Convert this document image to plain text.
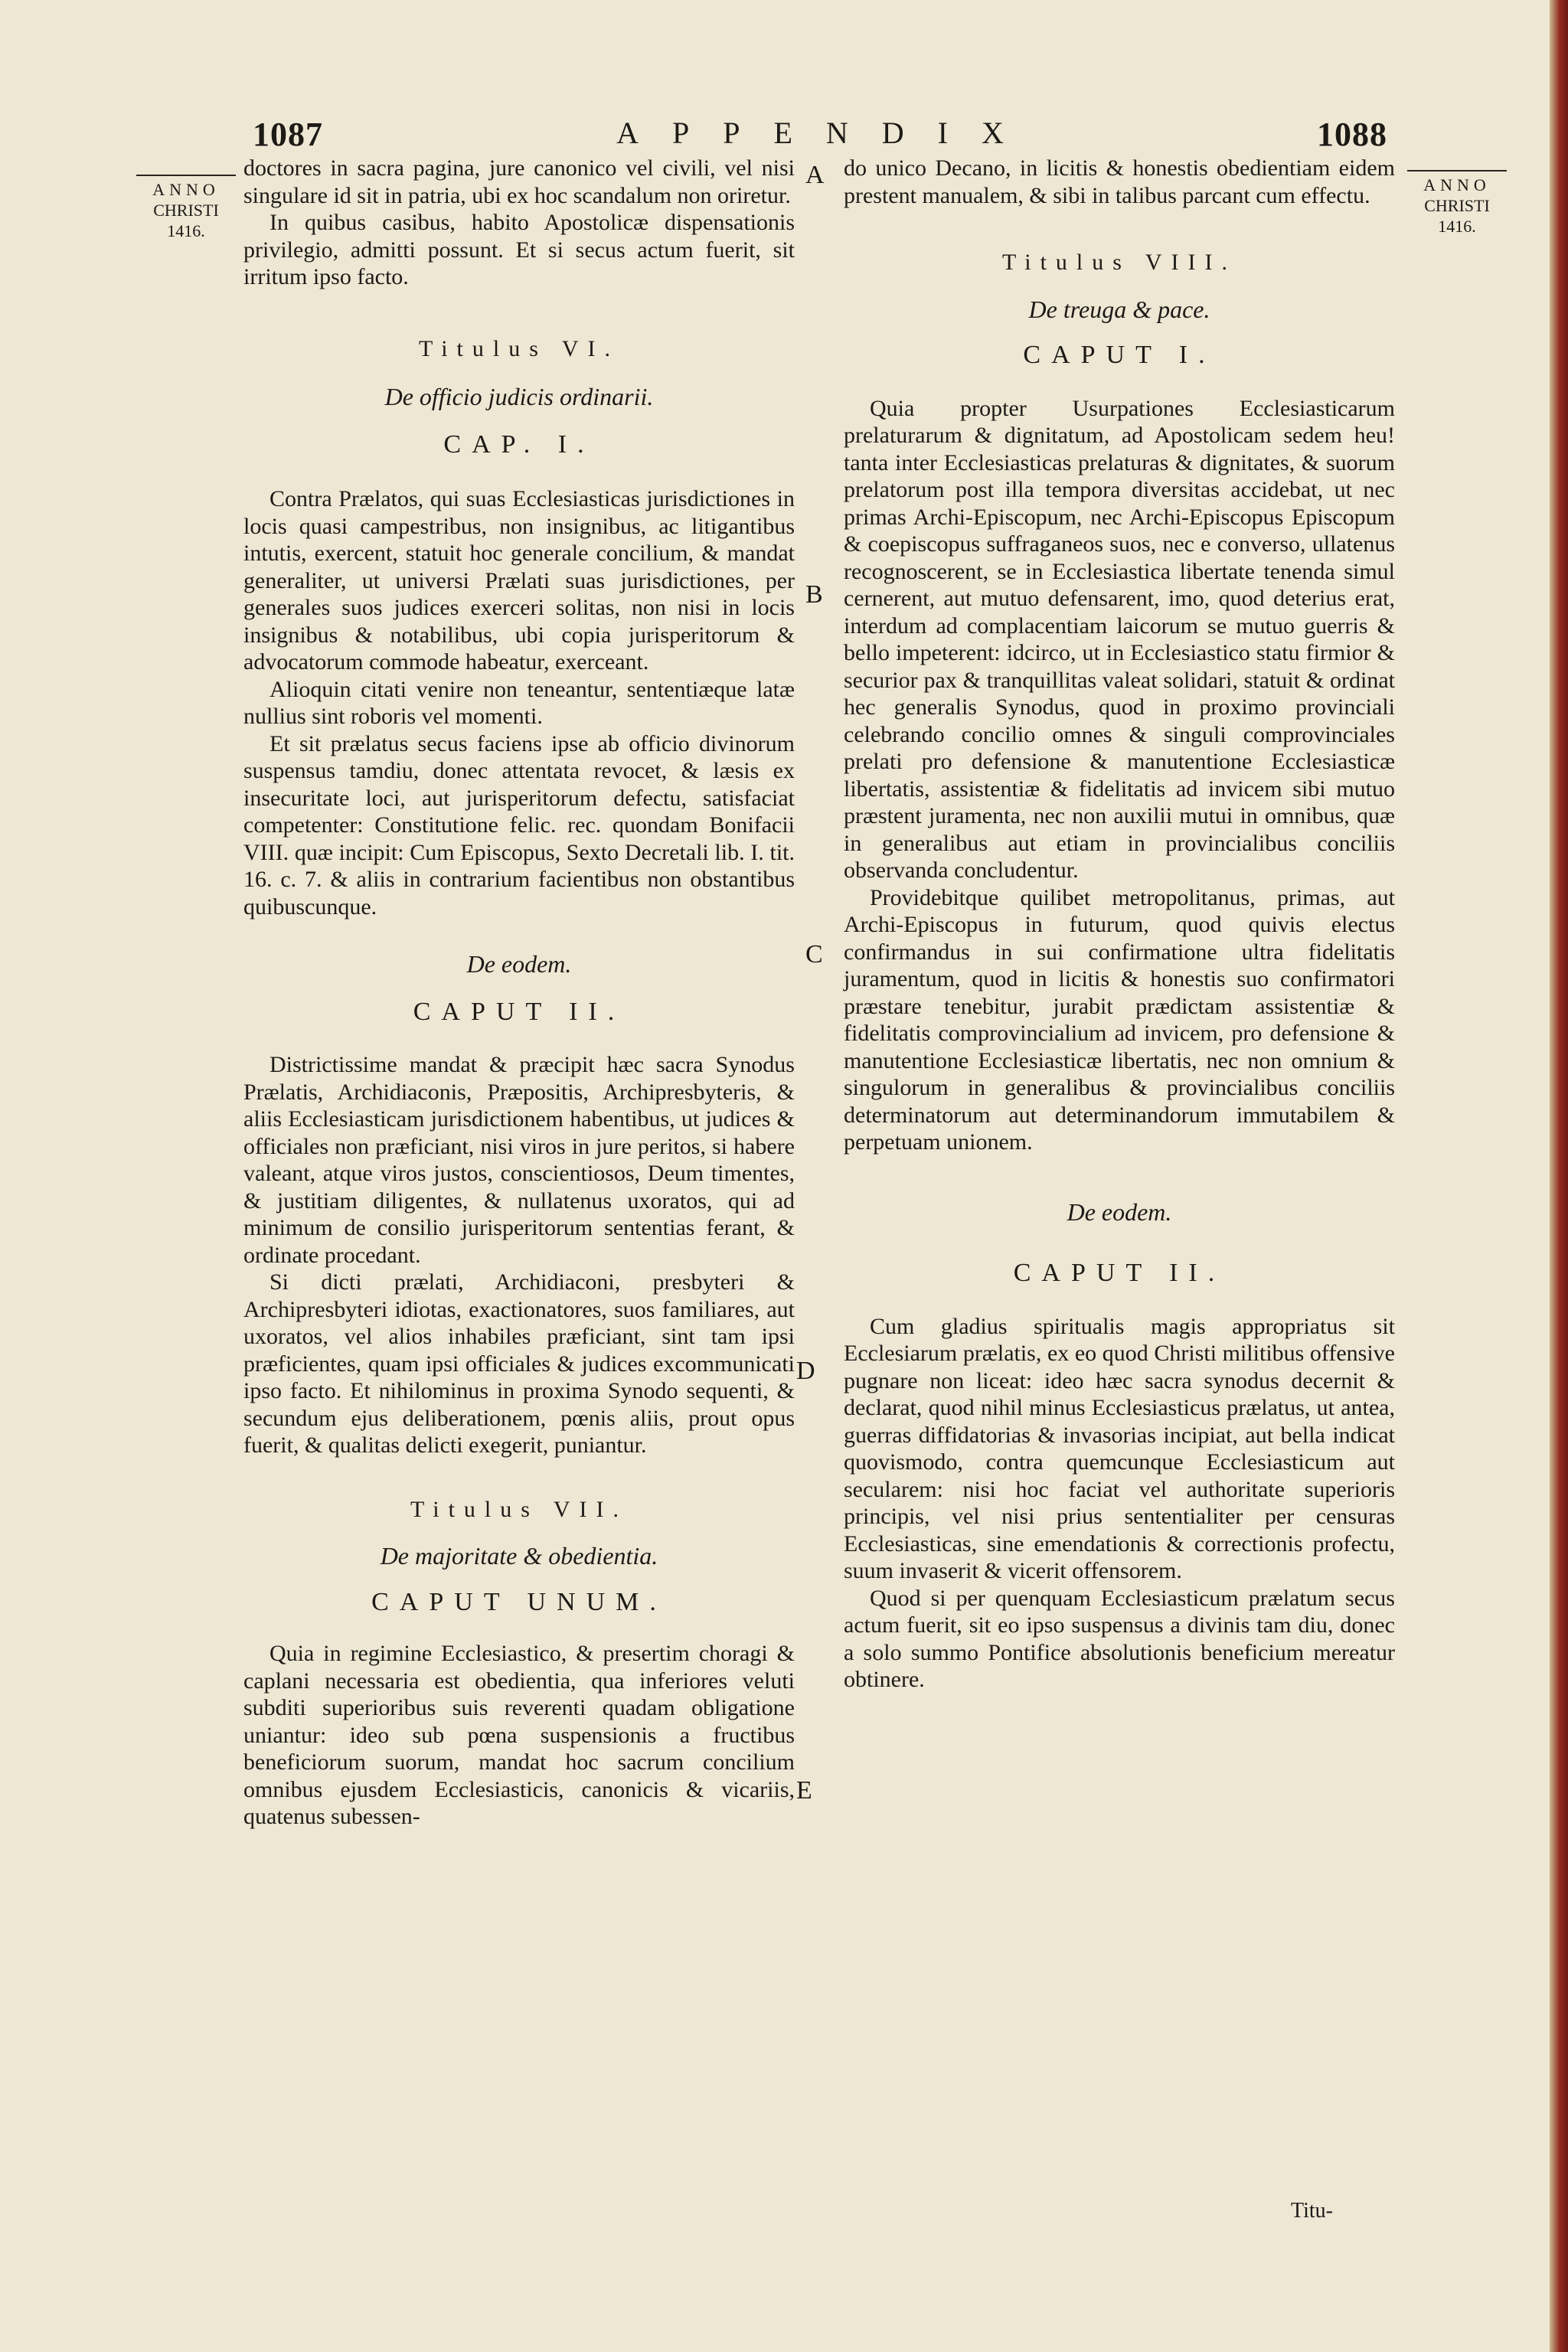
1087	APPENDIX	1088
ANNO
CHRISTI
1416.
ANNO
CHRISTI
1416.
A
B
C
D
E

doctores in sacra pagina, jure canonico vel civili, vel nisi singulare id sit in patria, ubi ex hoc scandalum non oriretur.

In quibus casibus, habito Apostolicæ dispensationis privilegio, admitti possunt. Et si secus actum fuerit, sit irritum ipso facto.

Titulus VI.
De officio judicis ordinarii.
CAP. I.

Contra Prælatos, qui suas Ecclesiasticas jurisdictiones in locis quasi campestribus, non insignibus, ac litigantibus intutis, exercent, statuit hoc generale concilium, & mandat generaliter, ut universi Prælati suas jurisdictiones, per generales suos judices exerceri solitas, non nisi in locis insignibus & notabilibus, ubi copia jurisperitorum & advocatorum commode habeatur, exerceant.

Alioquin citati venire non teneantur, sententiæque latæ nullius sint roboris vel momenti.

Et sit prælatus secus faciens ipse ab officio divinorum suspensus tamdiu, donec attentata revocet, & læsis ex insecuritate loci, aut jurisperitorum defectu, satisfaciat competenter: Constitutione felic. rec. quondam Bonifacii VIII. quæ incipit: Cum Episcopus, Sexto Decretali lib. I. tit. 16. c. 7. & aliis in contrarium facientibus non obstantibus quibuscunque.

De eodem.
CAPUT II.

Districtissime mandat & præcipit hæc sacra Synodus Prælatis, Archidiaconis, Præpositis, Archipresbyteris, & aliis Ecclesiasticam jurisdictionem habentibus, ut judices & officiales non præficiant, nisi viros in jure peritos, si habere valeant, atque viros justos, conscientiosos, Deum timentes, & justitiam diligentes, & nullatenus uxoratos, qui ad minimum de consilio jurisperitorum sententias ferant, & ordinate procedant.

Si dicti prælati, Archidiaconi, presbyteri & Archipresbyteri idiotas, exactionatores, suos familiares, aut uxoratos, vel alios inhabiles præficiant, sint tam ipsi præficientes, quam ipsi officiales & judices excommunicati ipso facto. Et nihilominus in proxima Synodo sequenti, & secundum ejus deliberationem, pœnis aliis, prout opus fuerit, & qualitas delicti exegerit, puniantur.

Titulus VII.
De majoritate & obedientia.
CAPUT UNUM.

Quia in regimine Ecclesiastico, & presertim choragi & caplani necessaria est obedientia, qua inferiores veluti subditi superioribus suis reverenti quadam obligatione uniantur: ideo sub pœna suspensionis a fructibus beneficiorum suorum, mandat hoc sacrum concilium omnibus ejusdem Ecclesiasticis, canonicis & vicariis, quatenus subessen-

do unico Decano, in licitis & honestis obedientiam eidem prestent manualem, & sibi in talibus parcant cum effectu.

Titulus VIII.
De treuga & pace.
CAPUT I.

Quia propter Usurpationes Ecclesiasticarum prelaturarum & dignitatum, ad Apostolicam sedem heu! tanta inter Ecclesiasticas prelaturas & dignitates, & suorum prelatorum post illa tempora diversitas accidebat, ut nec primas Archi-Episcopum, nec Archi-Episcopus Episcopum & coepiscopus suffraganeos suos, nec e converso, ullatenus recognoscerent, se in Ecclesiastica libertate tenenda simul cernerent, aut mutuo defensarent, imo, quod deterius erat, interdum ad complacentiam laicorum se mutuo guerris & bello impeterent: idcirco, ut in Ecclesiastico statu firmior & securior pax & tranquillitas valeat solidari, statuit & ordinat hec generalis Synodus, quod in proximo provinciali celebrando concilio omnes & singuli comprovinciales prelati pro defensione & manutentione Ecclesiasticæ libertatis, assistentiæ & fidelitatis ad invicem sibi mutuo præstent juramenta, nec non auxilii mutui in omnibus, quæ in generalibus aut etiam in provincialibus conciliis observanda concludentur.

Providebitque quilibet metropolitanus, primas, aut Archi-Episcopus in futurum, quod quivis electus confirmandus in sui confirmatione ultra fidelitatis juramentum, quod in licitis & honestis suo confirmatori præstare tenebitur, jurabit prædictam assistentiæ & fidelitatis comprovincialium ad invicem, pro defensione & manutentione Ecclesiasticæ libertatis, nec non omnium & singulorum in generalibus & provincialibus conciliis determinatorum aut determinandorum immutabilem & perpetuam unionem.

De eodem.
CAPUT II.

Cum gladius spiritualis magis appropriatus sit Ecclesiarum prælatis, ex eo quod Christi militibus offensive pugnare non liceat: ideo hæc sacra synodus decernit & declarat, quod nihil minus Ecclesiasticus prælatus, ut antea, guerras diffidatorias & invasorias incipiat, aut bella indicat quovismodo, contra quemcunque Ecclesiasticum aut secularem: nisi hoc faciat vel authoritate superioris principis, vel nisi prius sententialiter per censuras Ecclesiasticas, sine emendationis & correctionis profectu, suum invaserit & vicerit offensorem.

Quod si per quenquam Ecclesiasticum prælatum secus actum fuerit, sit eo ipso suspensus a divinis tam diu, donec a solo summo Pontifice absolutionis beneficium mereatur obtinere.

Titu-
